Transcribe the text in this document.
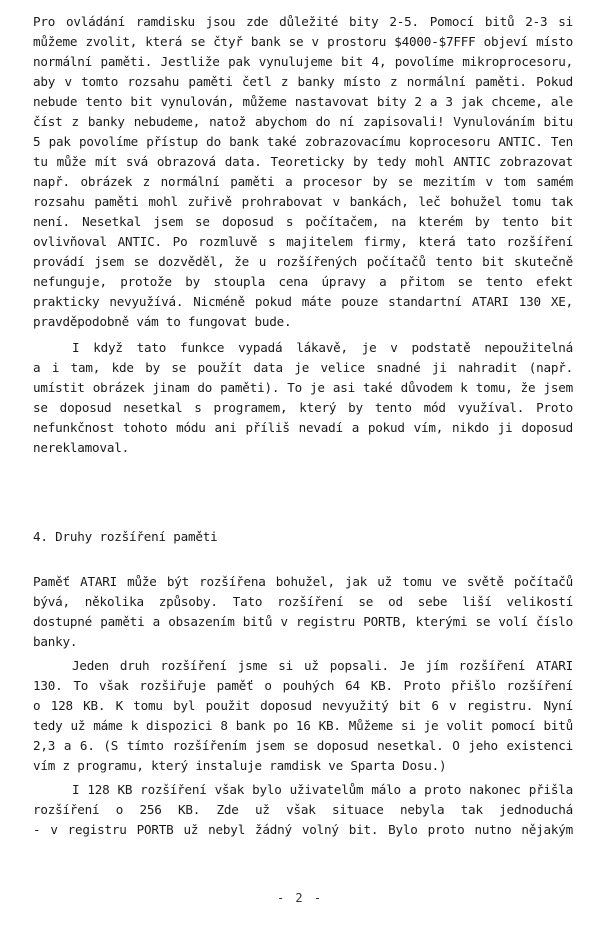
Pro ovládání ramdisku jsou zde důležité bity 2-5. Pomocí bitů 2-3 si
můžeme zvolit, která se čtyř bank se v prostoru $4000-$7FFF objeví místo
normální paměti. Jestliže pak vynulujeme bit 4, povolíme mikroprocesoru,
aby v tomto rozsahu paměti četl z banky místo z normální paměti. Pokud
nebude tento bit vynulován, můžeme nastavovat bity 2 a 3 jak chceme, ale
číst z banky nebudeme, natož abychom do ní zapisovali! Vynulováním bitu
5 pak povolíme přístup do bank také zobrazovacímu koprocesoru ANTIC. Ten
tu může mít svá obrazová data. Teoreticky by tedy mohl ANTIC zobrazovat
např. obrázek z normální paměti a procesor by se mezitím v tom samém
rozsahu paměti mohl zuřivě prohrabovat v bankách, leč bohužel tomu tak
není. Nesetkal jsem se doposud s počítačem, na kterém by tento bit
ovlivňoval ANTIC. Po rozmluvě s majitelem firmy, která tato rozšíření
provádí jsem se dozvěděl, že u rozšířených počítačů tento bit skutečně
nefunguje, protože by stoupla cena úpravy a přitom se tento efekt
prakticky nevyužívá. Nicméně pokud máte pouze standartní ATARI 130 XE,
pravděpodobně vám to fungovat bude.
I když tato funkce vypadá lákavě, je v podstatě nepoužitelná
a i tam, kde by se použít data je velice snadné ji nahradit (např.
umístit obrázek jinam do paměti). To je asi také důvodem k tomu, že jsem
se doposud nesetkal s programem, který by tento mód využíval. Proto
nefunkčnost tohoto módu ani příliš nevadí a pokud vím, nikdo ji doposud
nereklamoval.
4. Druhy rozšíření paměti
Paměť ATARI může být rozšířena bohužel, jak už tomu ve světě počítačů
bývá, několika způsoby. Tato rozšíření se od sebe liší velikostí
dostupné paměti a obsazením bitů v registru PORTB, kterými se volí číslo
banky.
Jeden druh rozšíření jsme si už popsali. Je jím rozšíření ATARI
130. To však rozšiřuje paměť o pouhých 64 KB. Proto přišlo rozšíření
o 128 KB. K tomu byl použit doposud nevyužitý bit 6 v registru. Nyní
tedy už máme k dispozici 8 bank po 16 KB. Můžeme si je volit pomocí bitů
2,3 a 6. (S tímto rozšířením jsem se doposud nesetkal. O jeho existenci
vím z programu, který instaluje ramdisk ve Sparta Dosu.)
I 128 KB rozšíření však bylo uživatelům málo a proto nakonec přišla
rozšíření o 256 KB. Zde už však situace nebyla tak jednoduchá
- v registru PORTB už nebyl žádný volný bit. Bylo proto nutno nějakým
- 2 -
